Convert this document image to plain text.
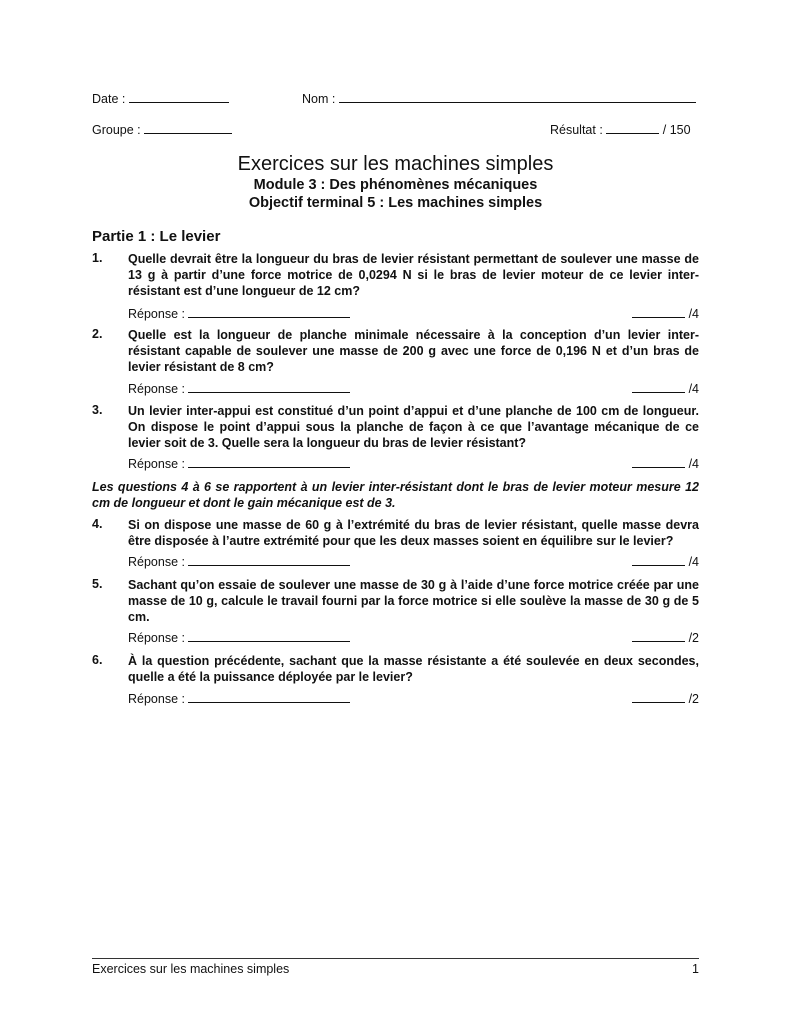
Date :	Nom :
Groupe :	Résultat :	/ 150
Exercices sur les machines simples
Module 3 : Des phénomènes mécaniques
Objectif terminal 5 : Les machines simples
Partie 1 : Le levier
1. Quelle devrait être la longueur du bras de levier résistant permettant de soulever une masse de 13 g à partir d’une force motrice de 0,0294 N si le bras de levier moteur de ce levier inter-résistant est d’une longueur de 12 cm?
Réponse :	/4
2. Quelle est la longueur de planche minimale nécessaire à la conception d’un levier inter-résistant capable de soulever une masse de 200 g avec une force de 0,196 N et d’un bras de levier résistant de 8 cm?
Réponse :	/4
3. Un levier inter-appui est constitué d’un point d’appui et d’une planche de 100 cm de longueur. On dispose le point d’appui sous la planche de façon à ce que l’avantage mécanique de ce levier soit de 3. Quelle sera la longueur du bras de levier résistant?
Réponse :	/4
Les questions 4 à 6 se rapportent à un levier inter-résistant dont le bras de levier moteur mesure 12 cm de longueur et dont le gain mécanique est de 3.
4. Si on dispose une masse de 60 g à l’extrémité du bras de levier résistant, quelle masse devra être disposée à l’autre extrémité pour que les deux masses soient en équilibre sur le levier?
Réponse :	/4
5. Sachant qu’on essaie de soulever une masse de 30 g à l’aide d’une force motrice créée par une masse de 10 g, calcule le travail fourni par la force motrice si elle soulève la masse de 30 g de 5 cm.
Réponse :	/2
6. À la question précédente, sachant que la masse résistante a été soulevée en deux secondes, quelle a été la puissance déployée par le levier?
Réponse :	/2
Exercices sur les machines simples	1
